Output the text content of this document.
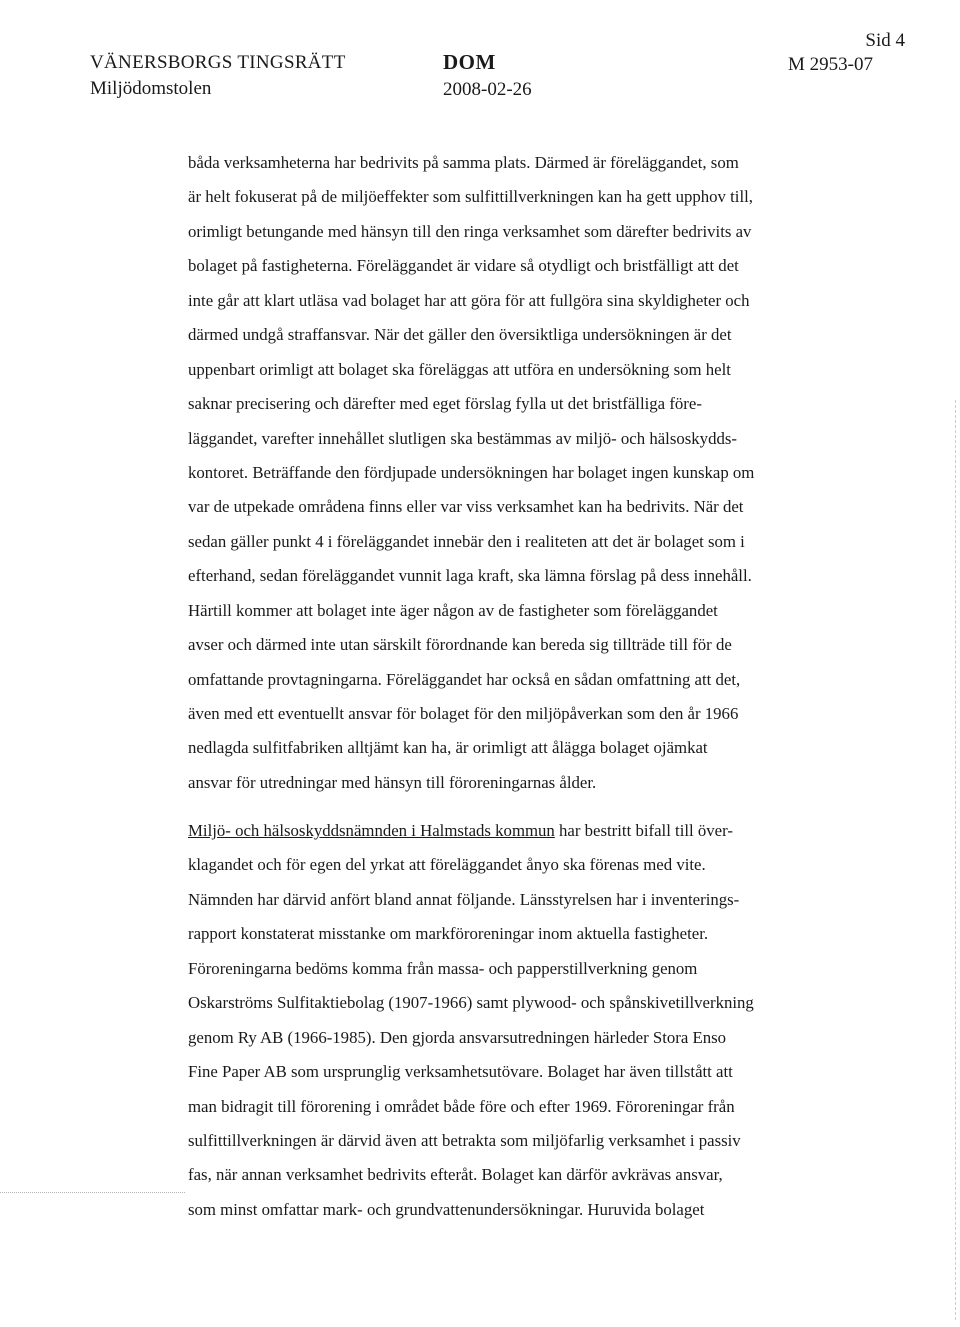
VÄNERSBORGS TINGSRÄTT
Miljödomstolen
DOM
2008-02-26
Sid 4
M 2953-07
båda verksamheterna har bedrivits på samma plats. Därmed är föreläggandet, som
är helt fokuserat på de miljöeffekter som sulfittillverkningen kan ha gett upphov till,
orimligt betungande med hänsyn till den ringa verksamhet som därefter bedrivits av
bolaget på fastigheterna. Föreläggandet är vidare så otydligt och bristfälligt att det
inte går att klart utläsa vad bolaget har att göra för att fullgöra sina skyldigheter och
därmed undgå straffansvar. När det gäller den översiktliga undersökningen är det
uppenbart orimligt att bolaget ska föreläggas att utföra en undersökning som helt
saknar precisering och därefter med eget förslag fylla ut det bristfälliga före-
läggandet, varefter innehållet slutligen ska bestämmas av miljö- och hälsoskydds-
kontoret. Beträffande den fördjupade undersökningen har bolaget ingen kunskap om
var de utpekade områdena finns eller var viss verksamhet kan ha bedrivits. När det
sedan gäller punkt 4 i föreläggandet innebär den i realiteten att det är bolaget som i
efterhand, sedan föreläggandet vunnit laga kraft, ska lämna förslag på dess innehåll.
Härtill kommer att bolaget inte äger någon av de fastigheter som föreläggandet
avser och därmed inte utan särskilt förordnande kan bereda sig tillträde till för de
omfattande provtagningarna. Föreläggandet har också en sådan omfattning att det,
även med ett eventuellt ansvar för bolaget för den miljöpåverkan som den år 1966
nedlagda sulfitfabriken alltjämt kan ha, är orimligt att ålägga bolaget ojämkat
ansvar för utredningar med hänsyn till föroreningarnas ålder.
Miljö- och hälsoskyddsnämnden i Halmstads kommun har bestritt bifall till över-
klagandet och för egen del yrkat att föreläggandet ånyo ska förenas med vite.
Nämnden har därvid anfört bland annat följande. Länsstyrelsen har i inventerings-
rapport konstaterat misstanke om markföroreningar inom aktuella fastigheter.
Föroreningarna bedöms komma från massa- och papperstillverkning genom
Oskarströms Sulfitaktiebolag (1907-1966) samt plywood- och spånskivetillverkning
genom Ry AB (1966-1985). Den gjorda ansvarsutredningen härleder Stora Enso
Fine Paper AB som ursprunglig verksamhetsutövare. Bolaget har även tillstått att
man bidragit till förorening i området både före och efter 1969. Föroreningar från
sulfittillverkningen är därvid även att betrakta som miljöfarlig verksamhet i passiv
fas, när annan verksamhet bedrivits efteråt. Bolaget kan därför avkrävas ansvar,
som minst omfattar mark- och grundvattenundersökningar. Huruvida bolaget
